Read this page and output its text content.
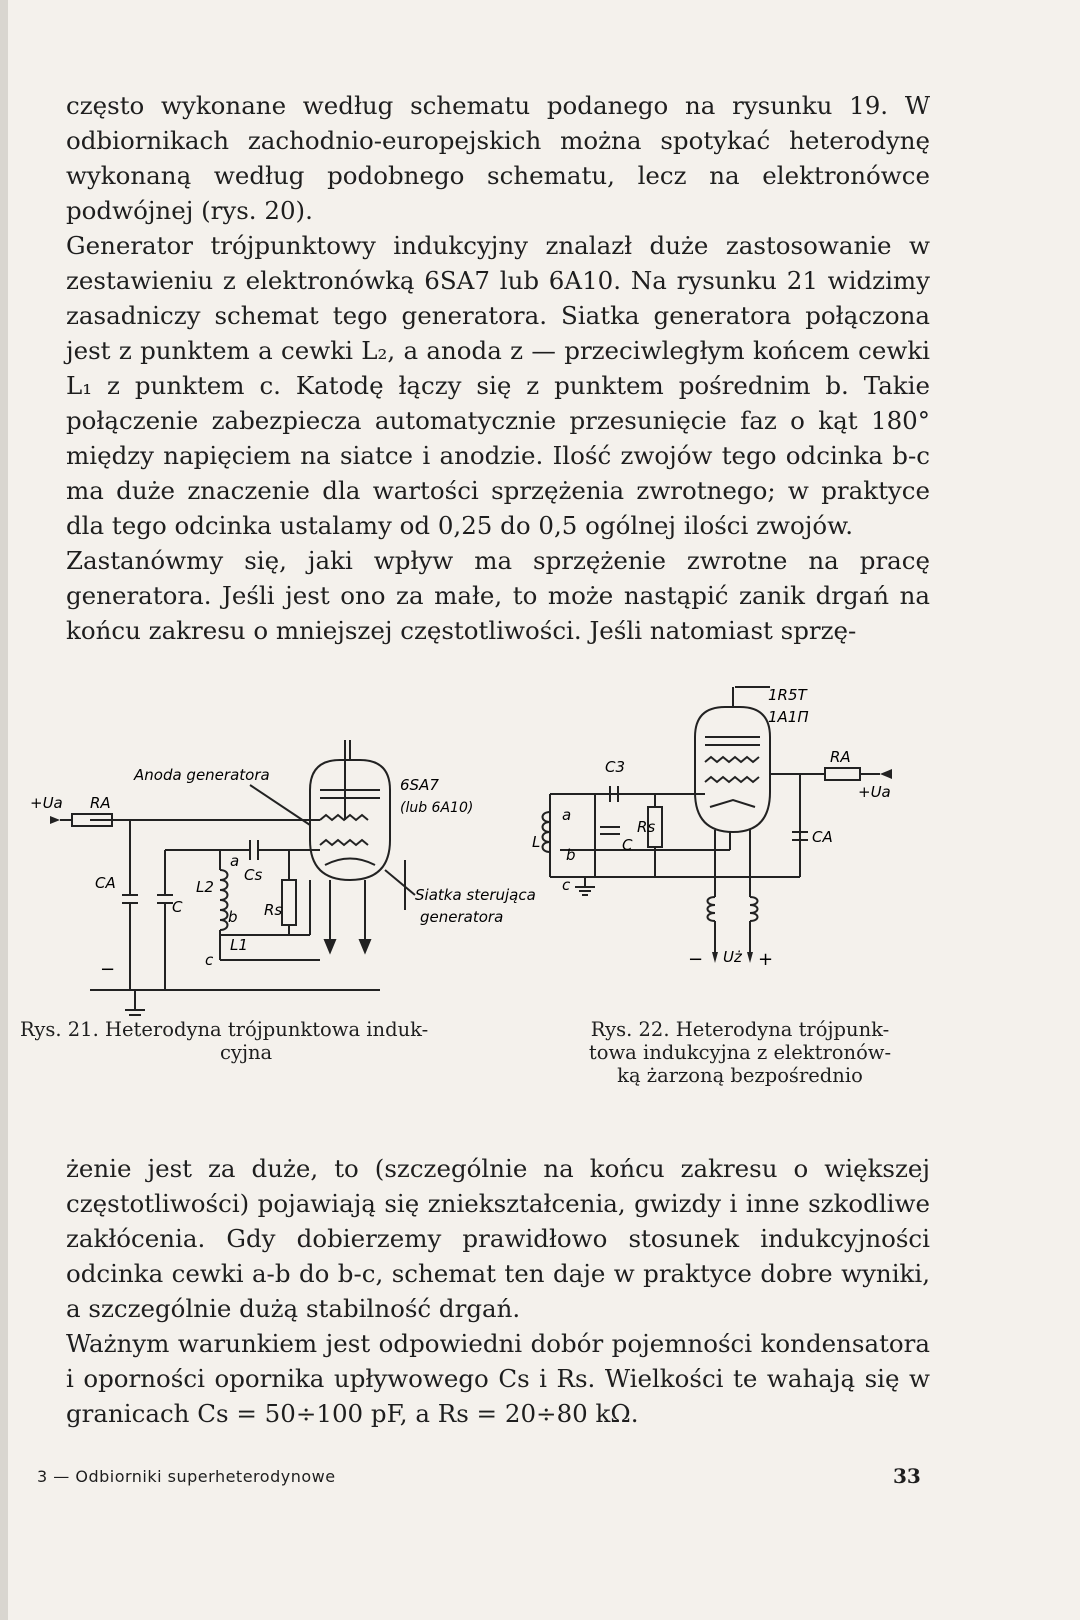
często wykonane według schematu podanego na rysunku 19. W odbiornikach zachodnio-europejskich można spotykać heterodynę wykonaną według podobnego schematu, lecz na elektronówce podwójnej (rys. 20).

Generator trójpunktowy indukcyjny znalazł duże zastosowanie w zestawieniu z elektronówką 6SA7 lub 6A10. Na rysunku 21 widzimy zasadniczy schemat tego generatora. Siatka generatora połączona jest z punktem a cewki L₂, a anoda z — przeciwległym końcem cewki L₁ z punktem c. Katodę łączy się z punktem pośrednim b. Takie połączenie zabezpiecza automatycznie przesunięcie faz o kąt 180° między napięciem na siatce i anodzie. Ilość zwojów tego odcinka b-c ma duże znaczenie dla wartości sprzężenia zwrotnego; w praktyce dla tego odcinka ustalamy od 0,25 do 0,5 ogólnej ilości zwojów.

Zastanówmy się, jaki wpływ ma sprzężenie zwrotne na pracę generatora. Jeśli jest ono za małe, to może nastąpić zanik drgań na końcu zakresu o mniejszej częstotliwości. Jeśli natomiast sprzę-

Anoda generatora
6SA7
(lub 6A10)
Siatka sterująca
generatora
+Ua RA
CA
C
L2
Cs
Rs
a
b
L1
c
−
1R5T
1A1П
C3
RA
+Ua
a
Rs
C	CA
L
b
c
Uż
−	+
Rys. 21. Heterodyna trójpunktowa induk-
cyjna
Rys. 22. Heterodyna trójpunk-
towa indukcyjna z elektronów-
ką żarzoną bezpośrednio

żenie jest za duże, to (szczególnie na końcu zakresu o większej częstotliwości) pojawiają się zniekształcenia, gwizdy i inne szkodliwe zakłócenia. Gdy dobierzemy prawidłowo stosunek indukcyjności odcinka cewki a-b do b-c, schemat ten daje w praktyce dobre wyniki, a szczególnie dużą stabilność drgań.

Ważnym warunkiem jest odpowiedni dobór pojemności kondensatora i oporności opornika upływowego Cs i Rs. Wielkości te wahają się w granicach Cs = 50÷100 pF, a Rs = 20÷80 kΩ.

3 — Odbiorniki superheterodynowe	33
